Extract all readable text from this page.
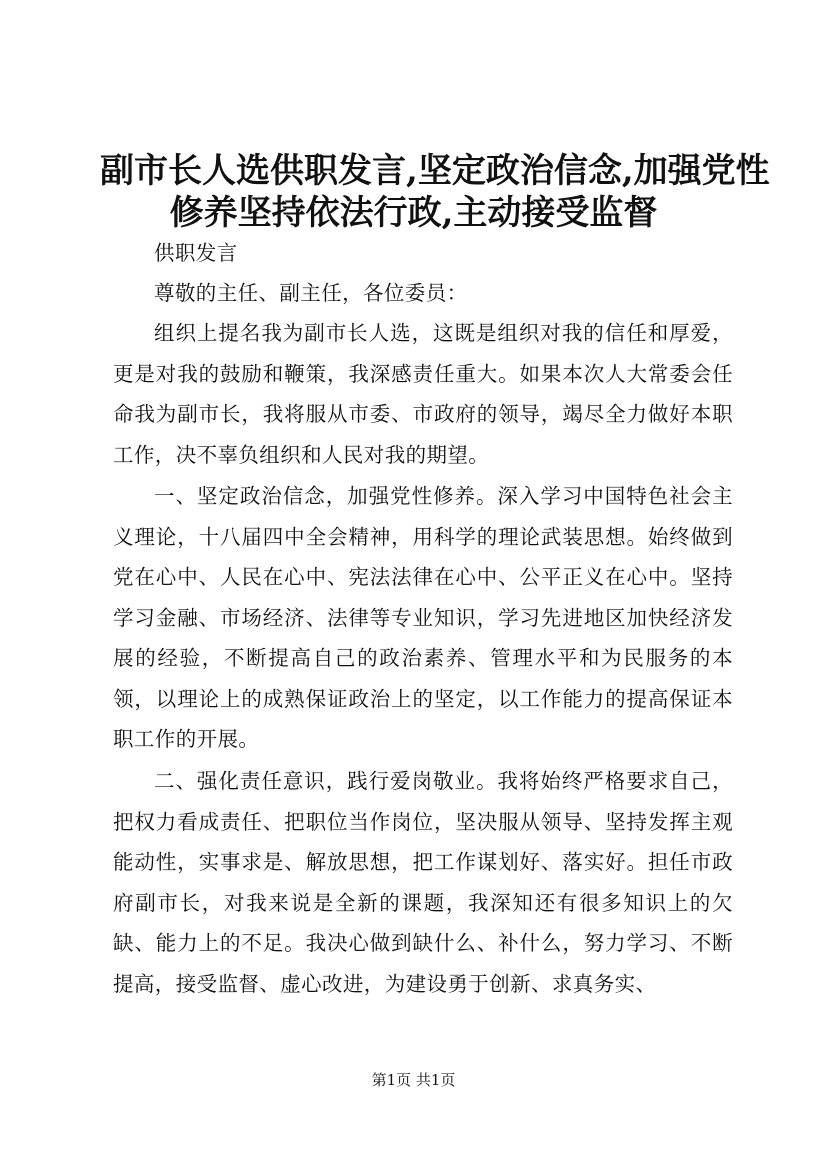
副市长人选供职发言,坚定政治信念,加强党性
修养坚持依法行政,主动接受监督

供职发言

尊敬的主任、副主任，各位委员：

组织上提名我为副市长人选，这既是组织对我的信任和厚爱，更是对我的鼓励和鞭策，我深感责任重大。如果本次人大常委会任命我为副市长，我将服从市委、市政府的领导，竭尽全力做好本职工作，决不辜负组织和人民对我的期望。

一、坚定政治信念，加强党性修养。深入学习中国特色社会主义理论，十八届四中全会精神，用科学的理论武装思想。始终做到党在心中、人民在心中、宪法法律在心中、公平正义在心中。坚持学习金融、市场经济、法律等专业知识，学习先进地区加快经济发展的经验，不断提高自己的政治素养、管理水平和为民服务的本领，以理论上的成熟保证政治上的坚定，以工作能力的提高保证本职工作的开展。

二、强化责任意识，践行爱岗敬业。我将始终严格要求自己，把权力看成责任、把职位当作岗位，坚决服从领导、坚持发挥主观能动性，实事求是、解放思想，把工作谋划好、落实好。担任市政府副市长，对我来说是全新的课题，我深知还有很多知识上的欠缺、能力上的不足。我决心做到缺什么、补什么，努力学习、不断提高，接受监督、虚心改进，为建设勇于创新、求真务实、

第1页 共1页
